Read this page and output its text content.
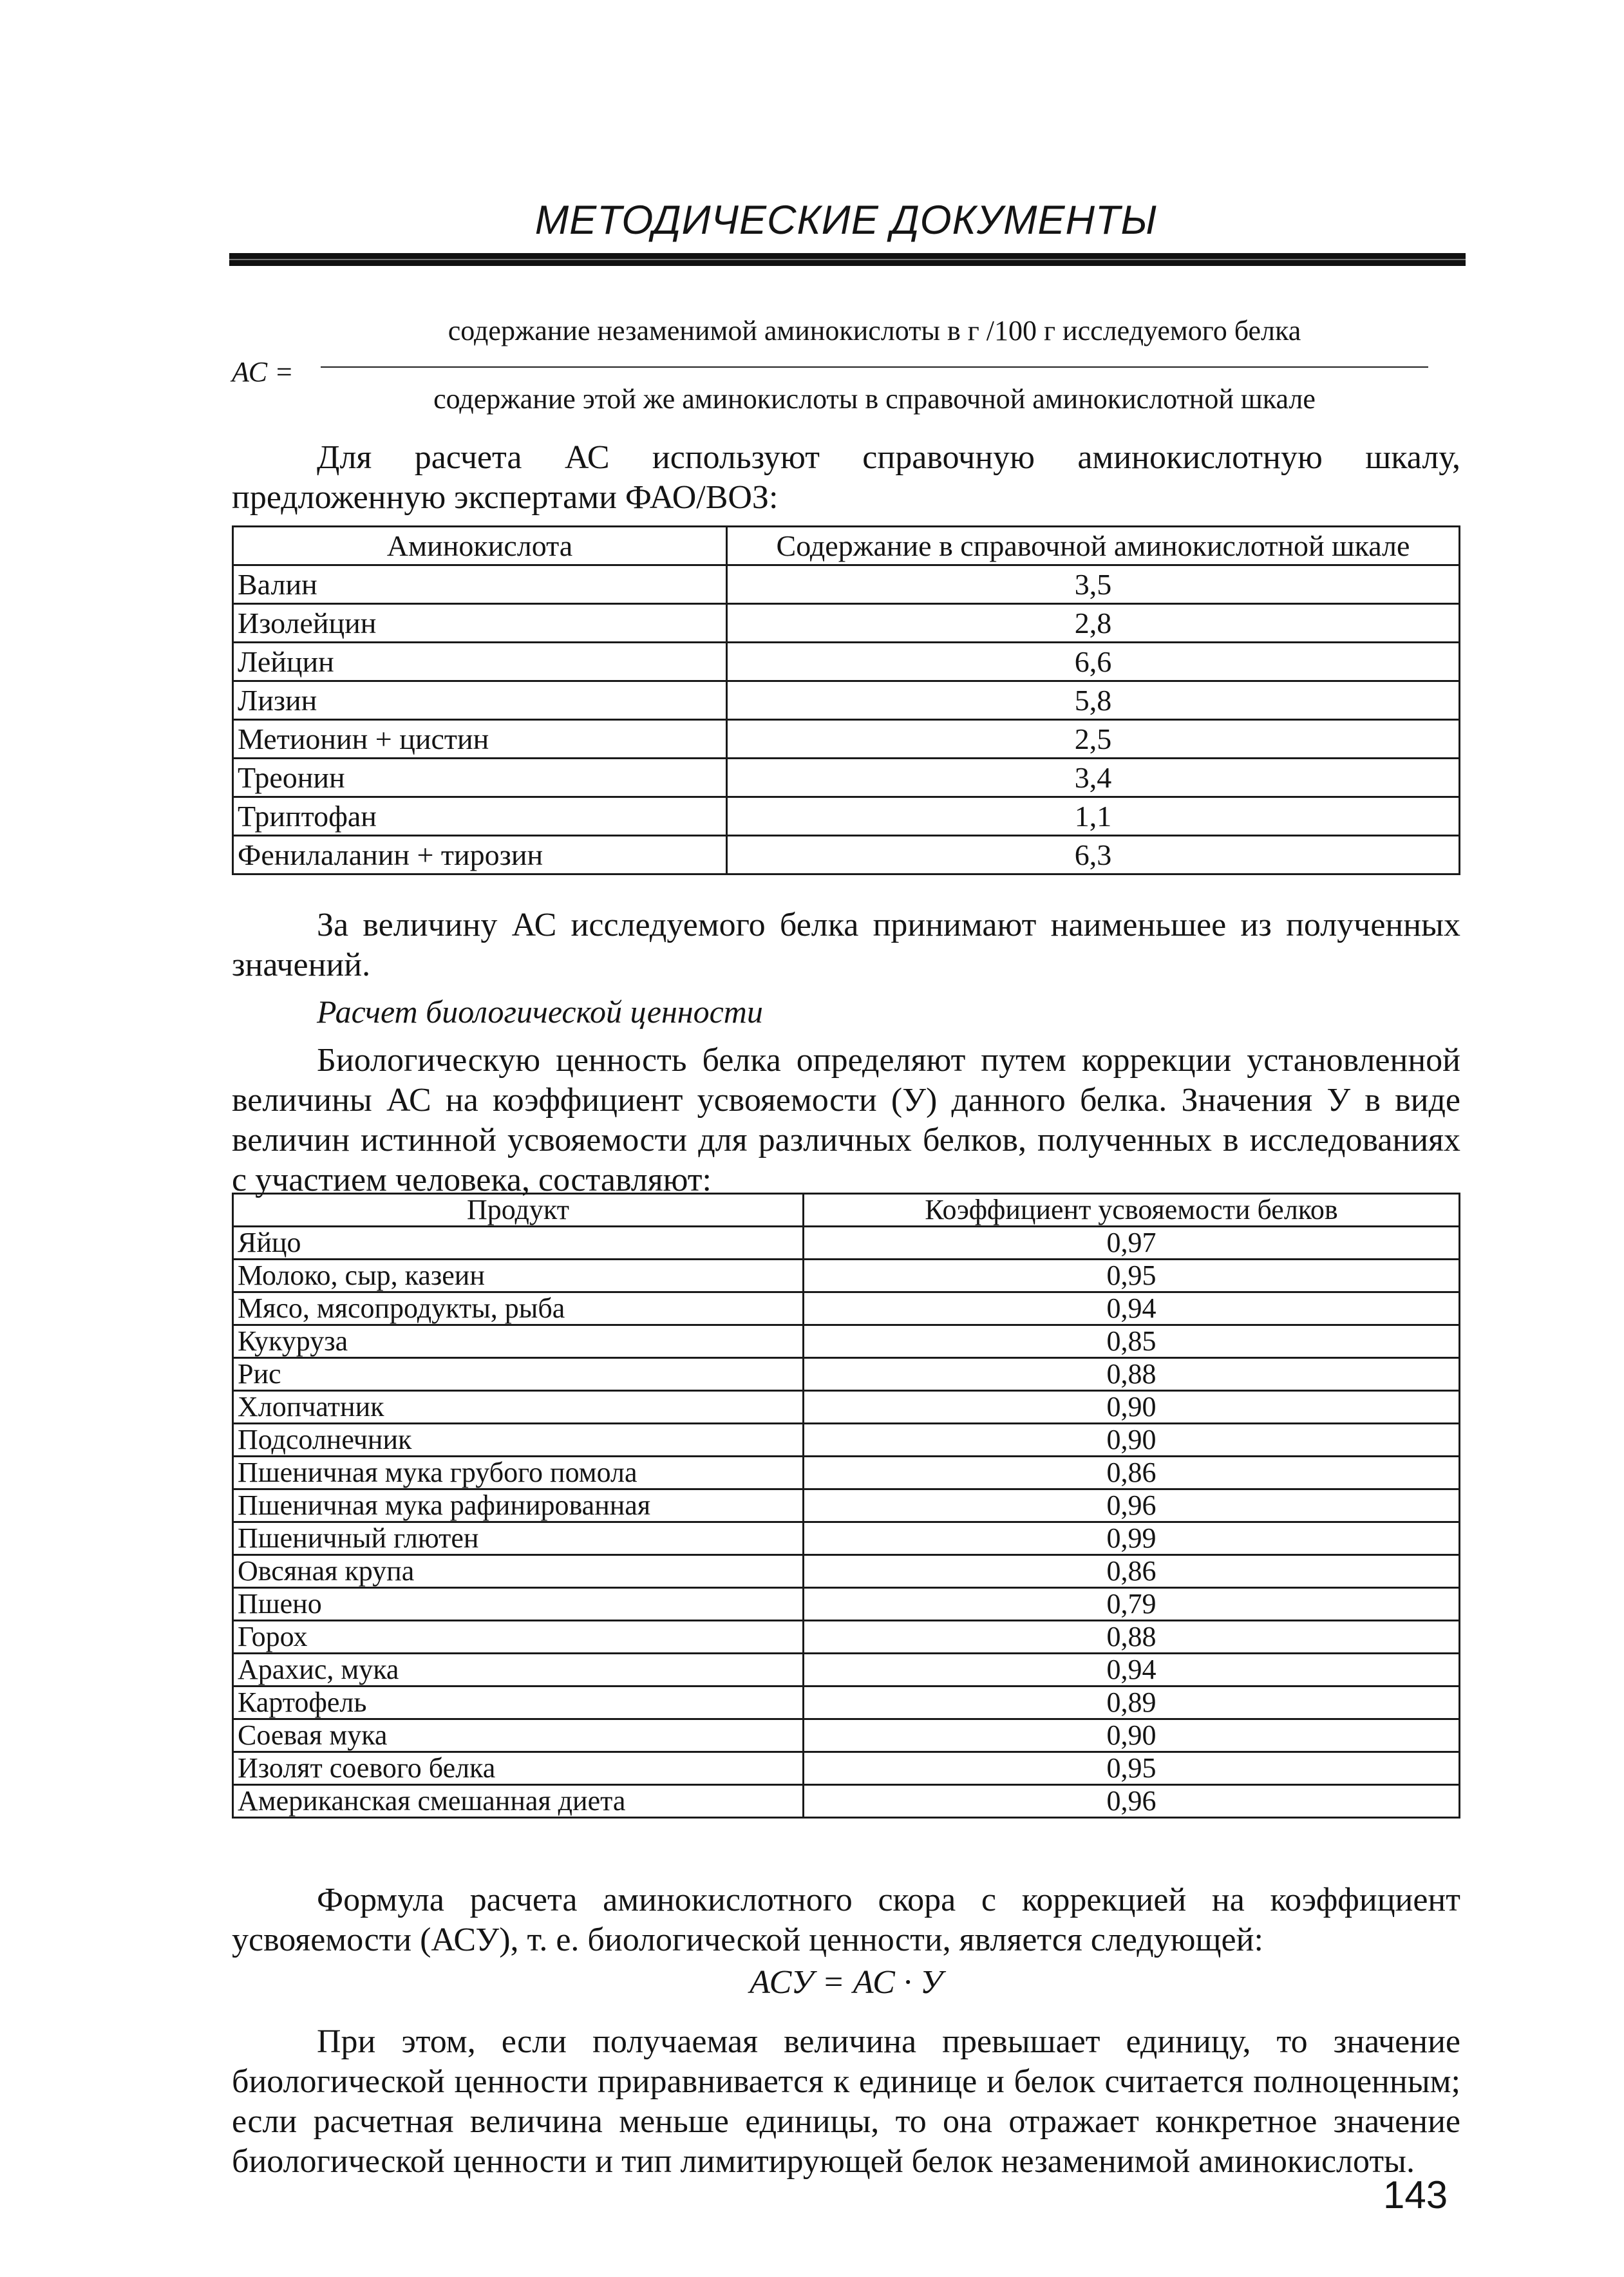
МЕТОДИЧЕСКИЕ ДОКУМЕНТЫ
АС =
содержание незаменимой аминокислоты в г /100 г исследуемого белка
содержание этой же аминокислоты в справочной аминокислотной шкале

Для расчета АС используют справочную аминокислотную шкалу, предложенную экспертами ФАО/ВОЗ:

Аминокислота	Содержание в справочной аминокислотной шкале
Валин	3,5
Изолейцин	2,8
Лейцин	6,6
Лизин	5,8
Метионин + цистин	2,5
Треонин	3,4
Триптофан	1,1
Фенилаланин + тирозин	6,3

За величину АС исследуемого белка принимают наименьшее из полученных значений.

Расчет биологической ценности

Биологическую ценность белка определяют путем коррекции установленной величины АС на коэффициент усвояемости (У) данного белка. Значения У в виде величин истинной усвояемости для различных белков, полученных в исследованиях с участием человека, составляют:

Продукт	Коэффициент усвояемости белков
Яйцо	0,97
Молоко, сыр, казеин	0,95
Мясо, мясопродукты, рыба	0,94
Кукуруза	0,85
Рис	0,88
Хлопчатник	0,90
Подсолнечник	0,90
Пшеничная мука грубого помола	0,86
Пшеничная мука рафинированная	0,96
Пшеничный глютен	0,99
Овсяная крупа	0,86
Пшено	0,79
Горох	0,88
Арахис, мука	0,94
Картофель	0,89
Соевая мука	0,90
Изолят соевого белка	0,95
Американская смешанная диета	0,96

Формула расчета аминокислотного скора с коррекцией на коэффициент усвояемости (АСУ), т. е. биологической ценности, является следующей:

АСУ = АС · У

При этом, если получаемая величина превышает единицу, то значение биологической ценности приравнивается к единице и белок считается полноценным; если расчетная величина меньше единицы, то она отражает конкретное значение биологической ценности и тип лимитирующей белок незаменимой аминокислоты.

143
